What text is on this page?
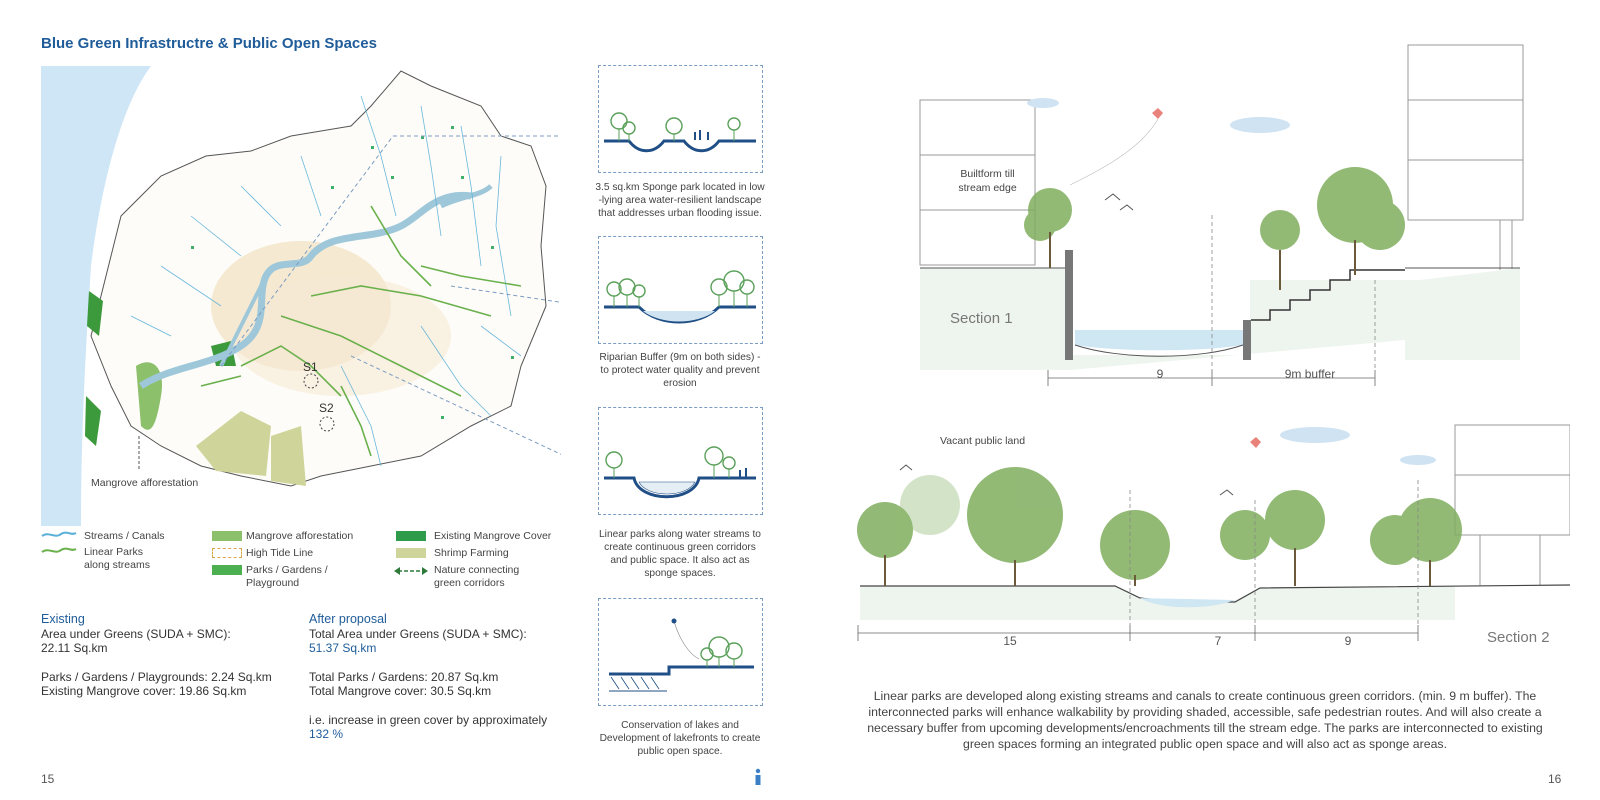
Blue Green Infrastructre & Public Open Spaces
S1
S2
Mangrove afforestation
Streams / Canals
Linear Parks
along streams
Mangrove afforestation
High Tide Line
Parks / Gardens /
Playground
Existing Mangrove Cover
Shrimp Farming
Nature connecting
green corridors
Existing
Area under Greens (SUDA + SMC):
22.11 Sq.km
Parks / Gardens / Playgrounds: 2.24 Sq.km
Existing Mangrove cover: 19.86 Sq.km
After proposal
Total Area under Greens (SUDA + SMC):
51.37 Sq.km
Total Parks / Gardens: 20.87 Sq.km
Total Mangrove cover: 30.5 Sq.km
i.e. increase in green cover by approximately
132 %
3.5 sq.km Sponge park located in low
-lying area water-resilient landscape
that addresses urban flooding issue.
Riparian Buffer (9m on both sides) -
to protect water quality and prevent
erosion
Linear parks along water streams to
create continuous green corridors
and public space. It also act as
sponge spaces.
Conservation of lakes and
Development of lakefronts to create
public open space.
15
Builtform till
stream edge
Section 1
9	9m buffer
Vacant public land
Section 2
15	7	9
Linear parks are developed along existing streams and canals to create continuous green corridors. (min. 9 m buffer). The interconnected parks will enhance walkability by providing shaded, accessible, safe pedestrian routes. And will also create a necessary buffer from upcoming developments/encroachments till the stream edge. The parks are interconnected to existing green spaces forming an integrated public open space and will also act as sponge areas.
16
